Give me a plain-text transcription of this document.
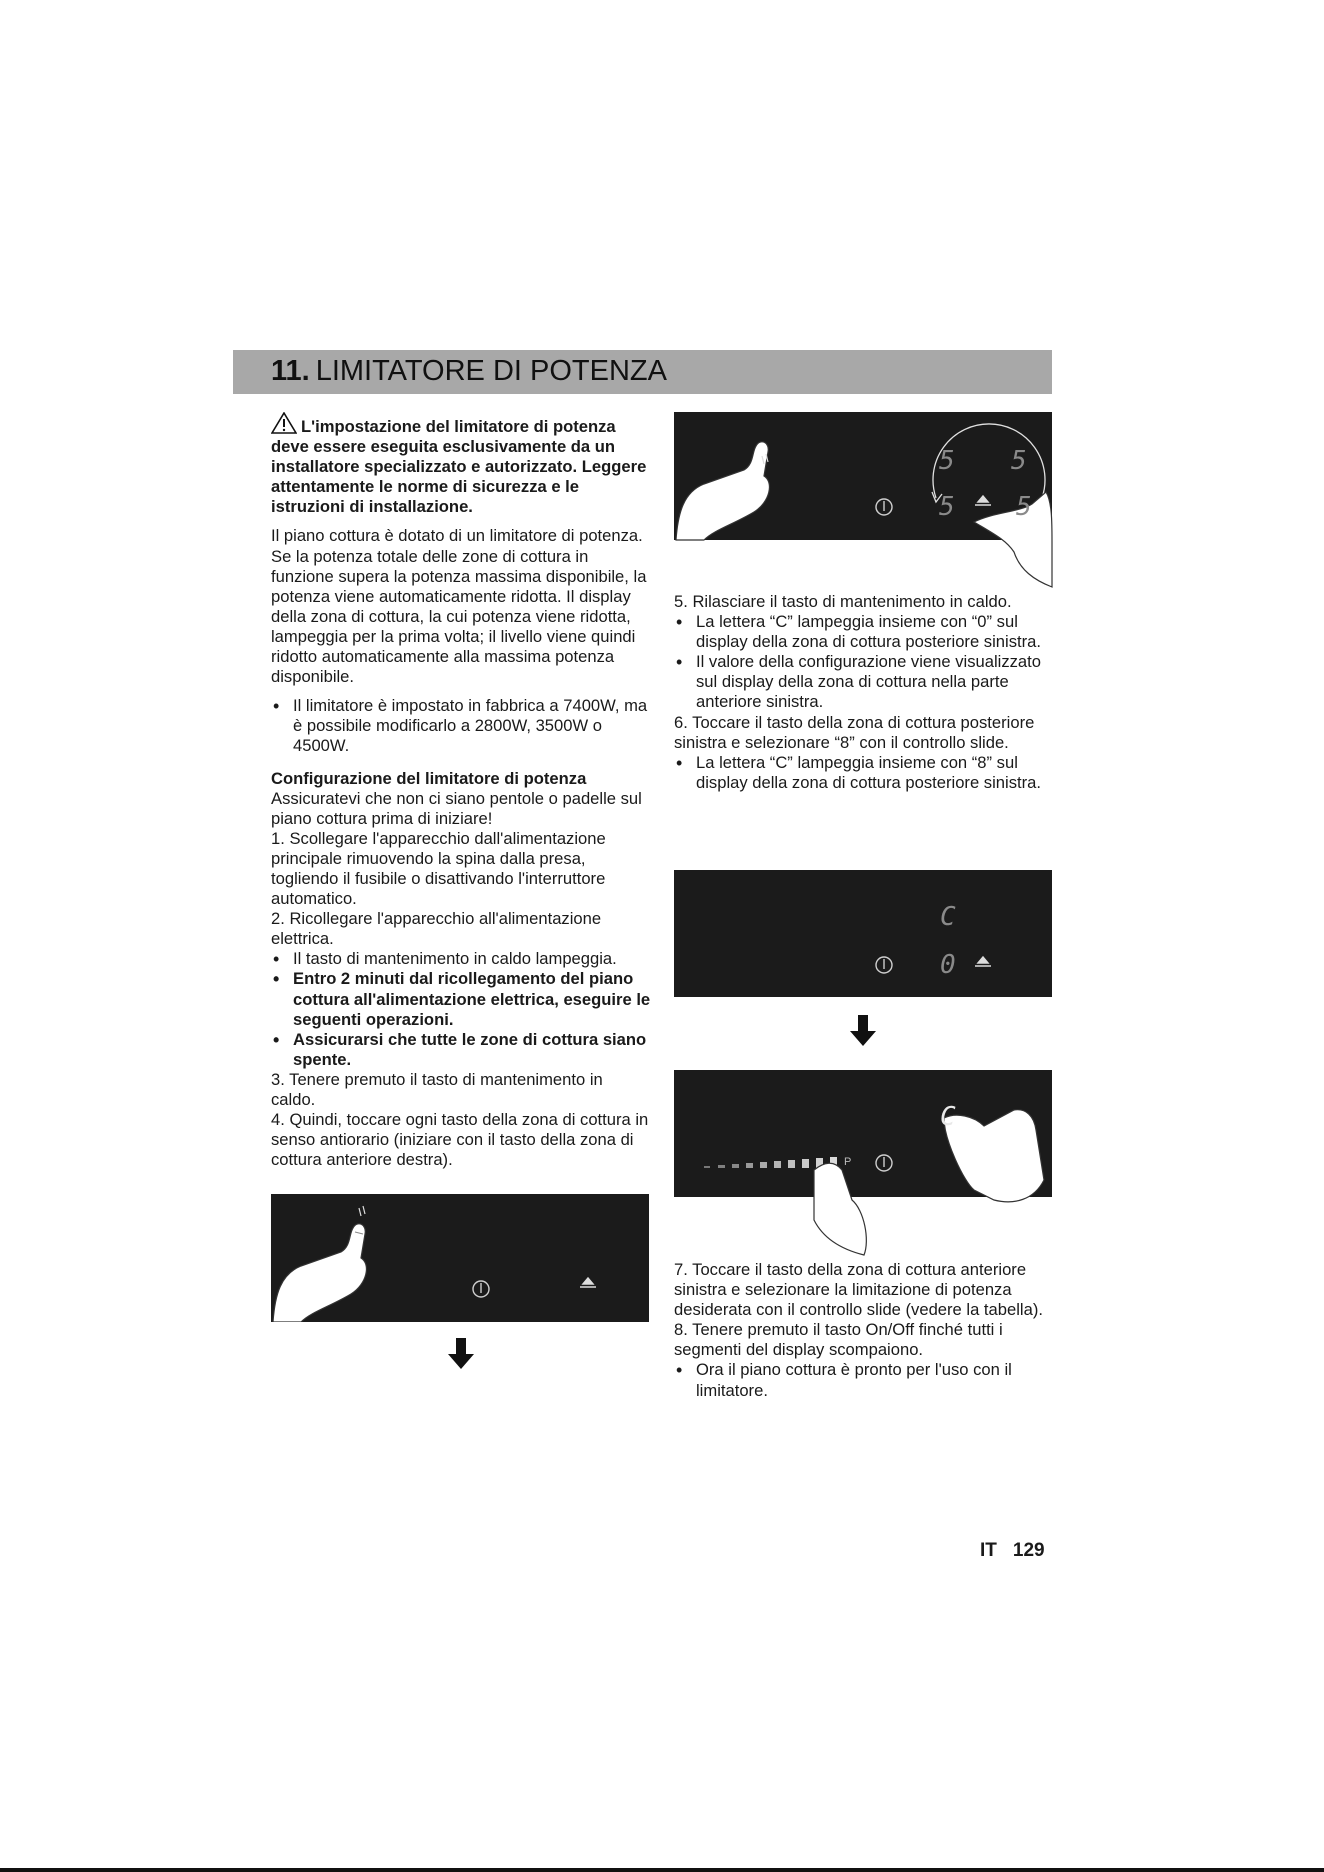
11. LIMITATORE DI POTENZA

L'impostazione del limitatore di potenza deve essere eseguita esclusivamente da un installatore specializzato e autorizzato. Leggere attentamente le norme di sicurezza e le istruzioni di installazione.

Il piano cottura è dotato di un limitatore di potenza. Se la potenza totale delle zone di cottura in funzione supera la potenza massima disponibile, la potenza viene automaticamente ridotta. Il display della zona di cottura, la cui potenza viene ridotta, lampeggia per la prima volta; il livello viene quindi ridotto automaticamente alla massima potenza disponibile.

• Il limitatore è impostato in fabbrica a 7400W, ma è possibile modificarlo a 2800W, 3500W o 4500W.

Configurazione del limitatore di potenza

Assicuratevi che non ci siano pentole o padelle sul piano cottura prima di iniziare!

1. Scollegare l'apparecchio dall'alimentazione principale rimuovendo la spina dalla presa, togliendo il fusibile o disattivando l'interruttore automatico.

2. Ricollegare l'apparecchio all'alimentazione elettrica.

• Il tasto di mantenimento in caldo lampeggia.
• Entro 2 minuti dal ricollegamento del piano cottura all'alimentazione elettrica, eseguire le seguenti operazioni.
• Assicurarsi che tutte le zone di cottura siano spente.

3. Tenere premuto il tasto di mantenimento in caldo.

4. Quindi, toccare ogni tasto della zona di cottura in senso antiorario (iniziare con il tasto della zona di cottura anteriore destra).

5 5
5 5

5. Rilasciare il tasto di mantenimento in caldo.

• La lettera “C” lampeggia insieme con “0” sul display della zona di cottura posteriore sinistra.
• Il valore della configurazione viene visualizzato sul display della zona di cottura nella parte anteriore sinistra.

6. Toccare il tasto della zona di cottura posteriore sinistra e selezionare “8” con il controllo slide.

• La lettera “C” lampeggia insieme con “8” sul display della zona di cottura posteriore sinistra.
C
0
P
C

7. Toccare il tasto della zona di cottura anteriore sinistra e selezionare la limitazione di potenza desiderata con il controllo slide (vedere la tabella).

8. Tenere premuto il tasto On/Off finché tutti i segmenti del display scompaiono.

• Ora il piano cottura è pronto per l'uso con il limitatore.
IT 129
